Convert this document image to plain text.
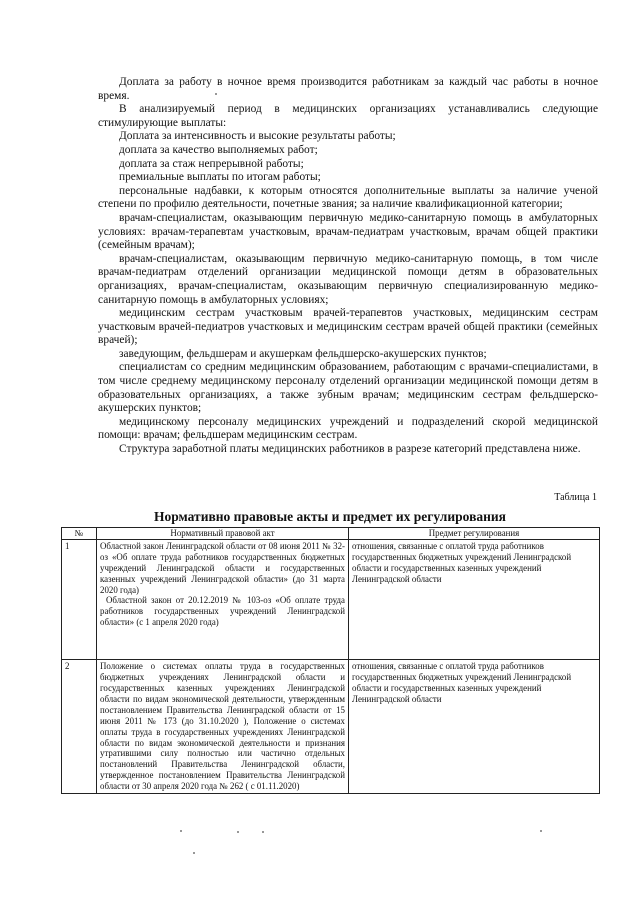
Доплата за работу в ночное время производится работникам за каждый час работы в ночное время.

В анализируемый период в медицинских организациях устанавливались следующие стимулирующие выплаты:

Доплата за интенсивность и высокие результаты работы;

доплата за качество выполняемых работ;

доплата за стаж непрерывной работы;

премиальные выплаты по итогам работы;

персональные надбавки, к которым относятся дополнительные выплаты за наличие ученой степени по профилю деятельности, почетные звания; за наличие квалификационной категории;

врачам-специалистам, оказывающим первичную медико-санитарную помощь в амбулаторных условиях: врачам-терапевтам участковым, врачам-педиатрам участковым, врачам общей практики (семейным врачам);

врачам-специалистам, оказывающим первичную медико-санитарную помощь, в том числе врачам-педиатрам отделений организации медицинской помощи детям в образовательных организациях, врачам-специалистам, оказывающим первичную специализированную медико-санитарную помощь в амбулаторных условиях;

медицинским сестрам участковым врачей-терапевтов участковых, медицинским сестрам участковым врачей-педиатров участковых и медицинским сестрам врачей общей практики (семейных врачей);

заведующим, фельдшерам и акушеркам фельдшерско-акушерских пунктов;

специалистам со средним медицинским образованием, работающим с врачами-специалистами, в том числе среднему медицинскому персоналу отделений организации медицинской помощи детям в образовательных организациях, а также зубным врачам; медицинским сестрам фельдшерско-акушерских пунктов;

медицинскому персоналу медицинских учреждений и подразделений скорой медицинской помощи: врачам; фельдшерам медицинским сестрам.

Структура заработной платы медицинских работников в разрезе категорий представлена ниже.

Таблица 1
Нормативно правовые акты и предмет их регулирования
№	Нормативный правовой акт	Предмет регулирования
1	Областной закон Ленинградской области от 08 июня 2011 № 32-оз «Об оплате труда работников государственных бюджетных учреждений Ленинградской области и государственных казенных учреждений Ленинградской области» (до 31 марта 2020 года)
Областной закон от 20.12.2019 № 103-оз «Об оплате труда работников государственных учреждений Ленинградской области» (с 1 апреля 2020 года)	отношения, связанные с оплатой труда работников государственных бюджетных учреждений Ленинградской области и государственных казенных учреждений Ленинградской области
2	Положение о системах оплаты труда в государственных бюджетных учреждениях Ленинградской области и государственных казенных учреждениях Ленинградской области по видам экономической деятельности, утвержденным постановлением Правительства Ленинградской области от 15 июня 2011 № 173 (до 31.10.2020 ), Положение о системах оплаты труда в государственных учреждениях Ленинградской области по видам экономической деятельности и признания утратившими силу полностью или частично отдельных постановлений Правительства Ленинградской области, утвержденное постановлением Правительства Ленинградской области от 30 апреля 2020 года № 262 ( с 01.11.2020)	отношения, связанные с оплатой труда работников государственных бюджетных учреждений Ленинградской области и государственных казенных учреждений Ленинградской области
